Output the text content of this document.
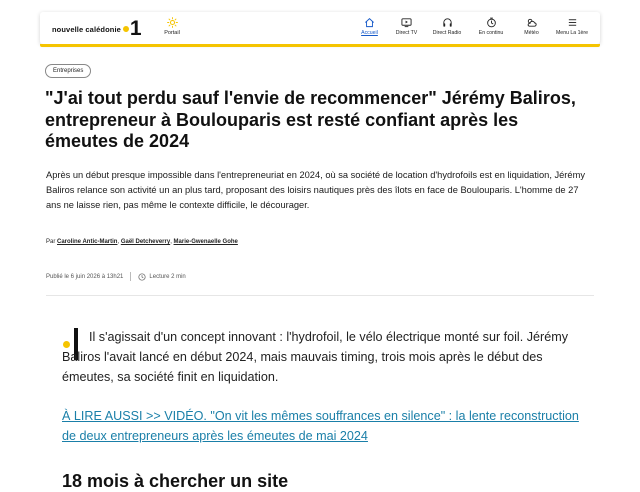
nouvelle calédonie 1	Portail	Accueil	Direct TV	Direct Radio	En continu	Météo	Menu La 1ère
Entreprises
"J'ai tout perdu sauf l'envie de recommencer" Jérémy Baliros, entrepreneur à Boulouparis est resté confiant après les émeutes de 2024

Après un début presque impossible dans l'entrepreneuriat en 2024, où sa société de location d'hydrofoils est en liquidation, Jérémy Baliros relance son activité un an plus tard, proposant des loisirs nautiques près des îlots en face de Boulouparis. L'homme de 27 ans ne laisse rien, pas même le contexte difficile, le décourager.

Par Caroline Antic-Martin, Gaël Detcheverry, Marie-Gwenaelle Gohe
Publié le 6 juin 2026 à 13h21	Lecture 2 min

Il s'agissait d'un concept innovant : l'hydrofoil, le vélo électrique monté sur foil. Jérémy Baliros l'avait lancé en début 2024, mais mauvais timing, trois mois après le début des émeutes, sa société finit en liquidation.

À LIRE AUSSI >> VIDÉO. "On vit les mêmes souffrances en silence" : la lente reconstruction de deux entrepreneurs après les émeutes de mai 2024
18 mois à chercher un site
